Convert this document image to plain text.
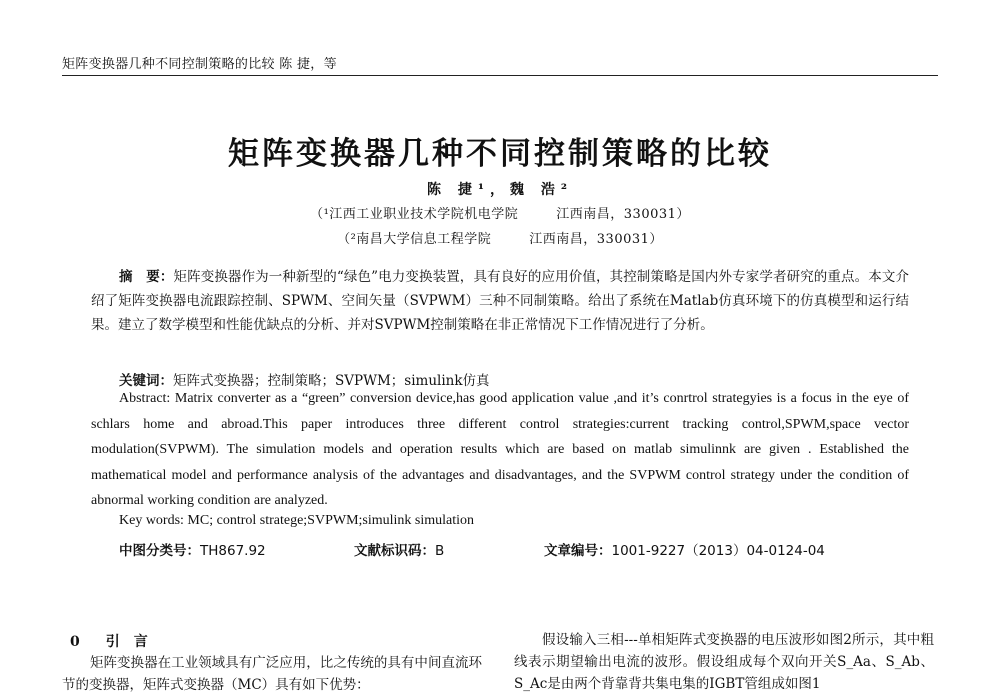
矩阵变换器几种不同控制策略的比较 陈 捷，等
矩阵变换器几种不同控制策略的比较
陈 捷¹，魏 浩²
（¹江西工业职业技术学院机电学院	江西南昌，330031）
（²南昌大学信息工程学院	江西南昌，330031）
摘　要：矩阵变换器作为一种新型的“绿色”电力变换装置，具有良好的应用价值，其控制策略是国内外专家学者研究的重点。本文介绍了矩阵变换器电流跟踪控制、SPWM、空间矢量（SVPWM）三种不同制策略。给出了系统在Matlab仿真环境下的仿真模型和运行结果。建立了数学模型和性能优缺点的分析、并对SVPWM控制策略在非正常情况下工作情况进行了分析。
关键词：矩阵式变换器；控制策略；SVPWM；simulink仿真
Abstract: Matrix converter as a “green” conversion device,has good application value ,and it’s conrtrol strategyies is a focus in the eye of schlars home and abroad.This paper introduces three different control strategies:current tracking control,SPWM,space vector modulation(SVPWM). The simulation models and operation results which are based on matlab simulinnk are given . Established the mathematical model and performance analysis of the advantages and disadvantages, and the SVPWM control strategy under the condition of abnormal working condition are analyzed.
Key words: MC; control stratege;SVPWM;simulink simulation
中图分类号：TH867.92	文献标识码：B	文章编号：1001-9227（2013）04-0124-04
0 引　言
矩阵变换器在工业领域具有广泛应用，比之传统的具有中间直流环节的变换器，矩阵式变换器（MC）具有如下优势：
假设输入三相---单相矩阵式变换器的电压波形如图2所示，其中粗线表示期望输出电流的波形。假设组成每个双向开关S_Aa、S_Ab、S_Ac是由两个背靠背共集电集的IGBT管组成如图1
